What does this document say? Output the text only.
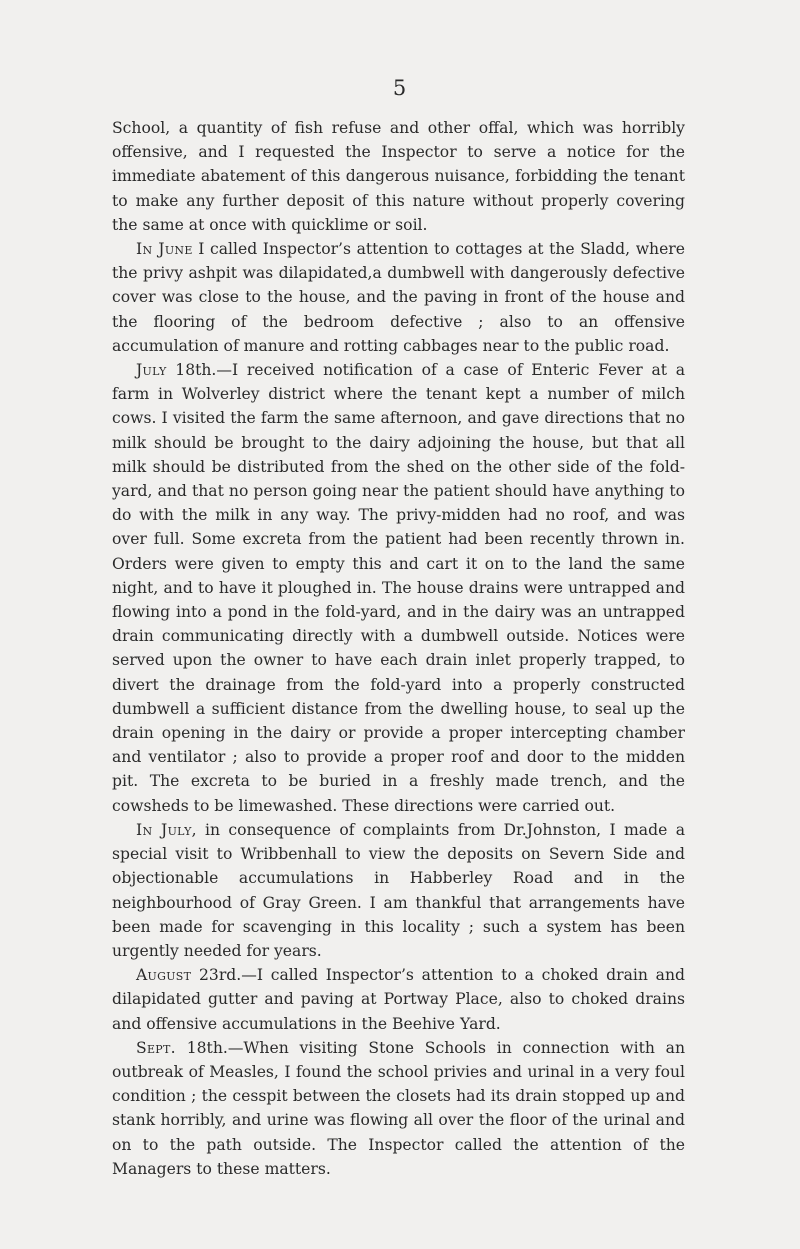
5

School, a quantity of fish refuse and other offal, which was horribly offensive, and I requested the Inspector to serve a notice for the immediate abatement of this dangerous nuisance, forbidding the tenant to make any further deposit of this nature without properly covering the same at once with quicklime or soil.

In June I called Inspector’s attention to cottages at the Sladd, where the privy ashpit was dilapidated,a dumbwell with dangerously defective cover was close to the house, and the paving in front of the house and the flooring of the bedroom defective ; also to an offensive accumulation of manure and rotting cabbages near to the public road.

July 18th.—I received notification of a case of Enteric Fever at a farm in Wolverley district where the tenant kept a number of milch cows. I visited the farm the same afternoon, and gave directions that no milk should be brought to the dairy adjoining the house, but that all milk should be distributed from the shed on the other side of the fold-yard, and that no person going near the patient should have anything to do with the milk in any way. The privy-midden had no roof, and was over full. Some excreta from the patient had been recently thrown in. Orders were given to empty this and cart it on to the land the same night, and to have it ploughed in. The house drains were untrapped and flowing into a pond in the fold-yard, and in the dairy was an untrapped drain communicating directly with a dumbwell outside. Notices were served upon the owner to have each drain inlet properly trapped, to divert the drainage from the fold-yard into a properly constructed dumbwell a sufficient distance from the dwelling house, to seal up the drain opening in the dairy or provide a proper intercepting chamber and ventilator ; also to provide a proper roof and door to the midden pit. The excreta to be buried in a freshly made trench, and the cowsheds to be limewashed. These directions were carried out.

In July, in consequence of complaints from Dr.Johnston, I made a special visit to Wribbenhall to view the deposits on Severn Side and objectionable accumulations in Habberley Road and in the neighbourhood of Gray Green. I am thankful that arrangements have been made for scavenging in this locality ; such a system has been urgently needed for years.

August 23rd.—I called Inspector’s attention to a choked drain and dilapidated gutter and paving at Portway Place, also to choked drains and offensive accumulations in the Beehive Yard.

Sept. 18th.—When visiting Stone Schools in connection with an outbreak of Measles, I found the school privies and urinal in a very foul condition ; the cesspit between the closets had its drain stopped up and stank horribly, and urine was flowing all over the floor of the urinal and on to the path outside. The Inspector called the attention of the Managers to these matters.
